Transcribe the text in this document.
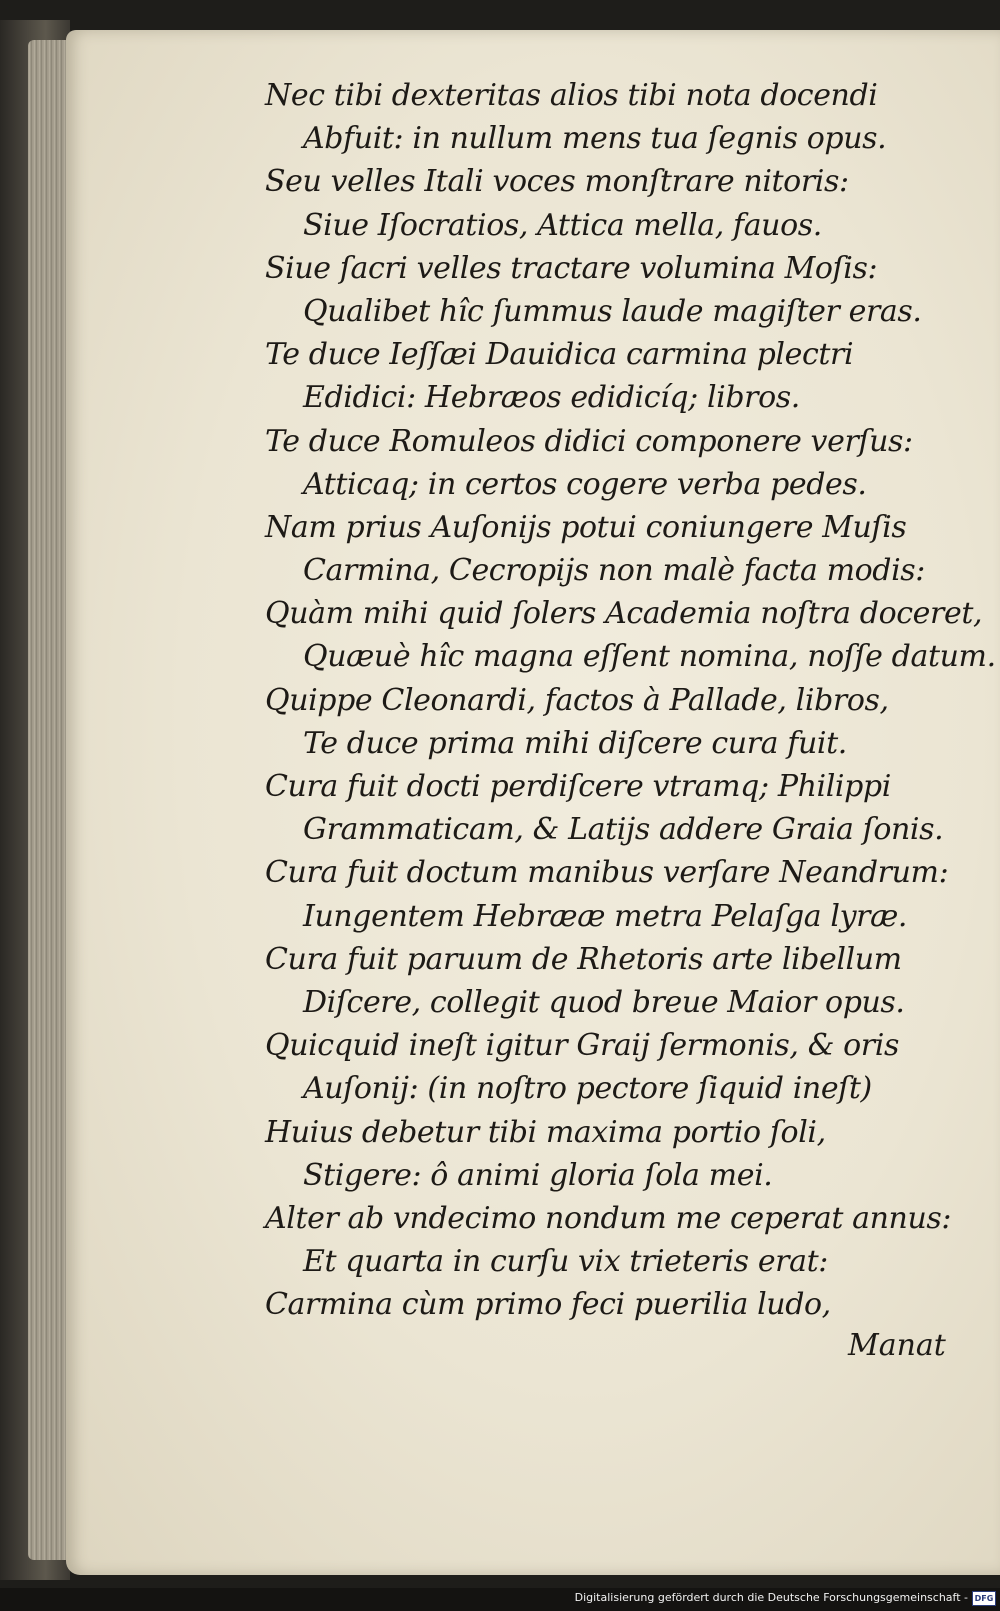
Nec tibi dexteritas alios tibi nota docendi
Abfuit: in nullum mens tua ſegnis opus.
Seu velles Itali voces monſtrare nitoris:
Siue Iſocratios, Attica mella, fauos.
Siue ſacri velles tractare volumina Moſis:
Qualibet hîc ſummus laude magiſter eras.
Te duce Ieſſæi Dauidica carmina plectri
Edidici: Hebræos edidicíq; libros.
Te duce Romuleos didici componere verſus:
Atticaq; in certos cogere verba pedes.
Nam prius Auſonijs potui coniungere Muſis
Carmina, Cecropijs non malè facta modis:
Quàm mihi quid ſolers Academia noſtra doceret,
Quæuè hîc magna eſſent nomina, noſſe datum.
Quippe Cleonardi, factos à Pallade, libros,
Te duce prima mihi diſcere cura fuit.
Cura fuit docti perdiſcere vtramq; Philippi
Grammaticam, & Latijs addere Graia ſonis.
Cura fuit doctum manibus verſare Neandrum:
Iungentem Hebrææ metra Pelaſga lyræ.
Cura fuit paruum de Rhetoris arte libellum
Diſcere, collegit quod breue Maior opus.
Quicquid ineſt igitur Graij ſermonis, & oris
Auſonij: (in noſtro pectore ſiquid ineſt)
Huius debetur tibi maxima portio ſoli,
Stigere: ô animi gloria ſola mei.
Alter ab vndecimo nondum me ceperat annus:
Et quarta in curſu vix trieteris erat:
Carmina cùm primo feci puerilia ludo,
Manat
Digitalisierung gefördert durch die Deutsche Forschungsgemeinschaft - DFG
